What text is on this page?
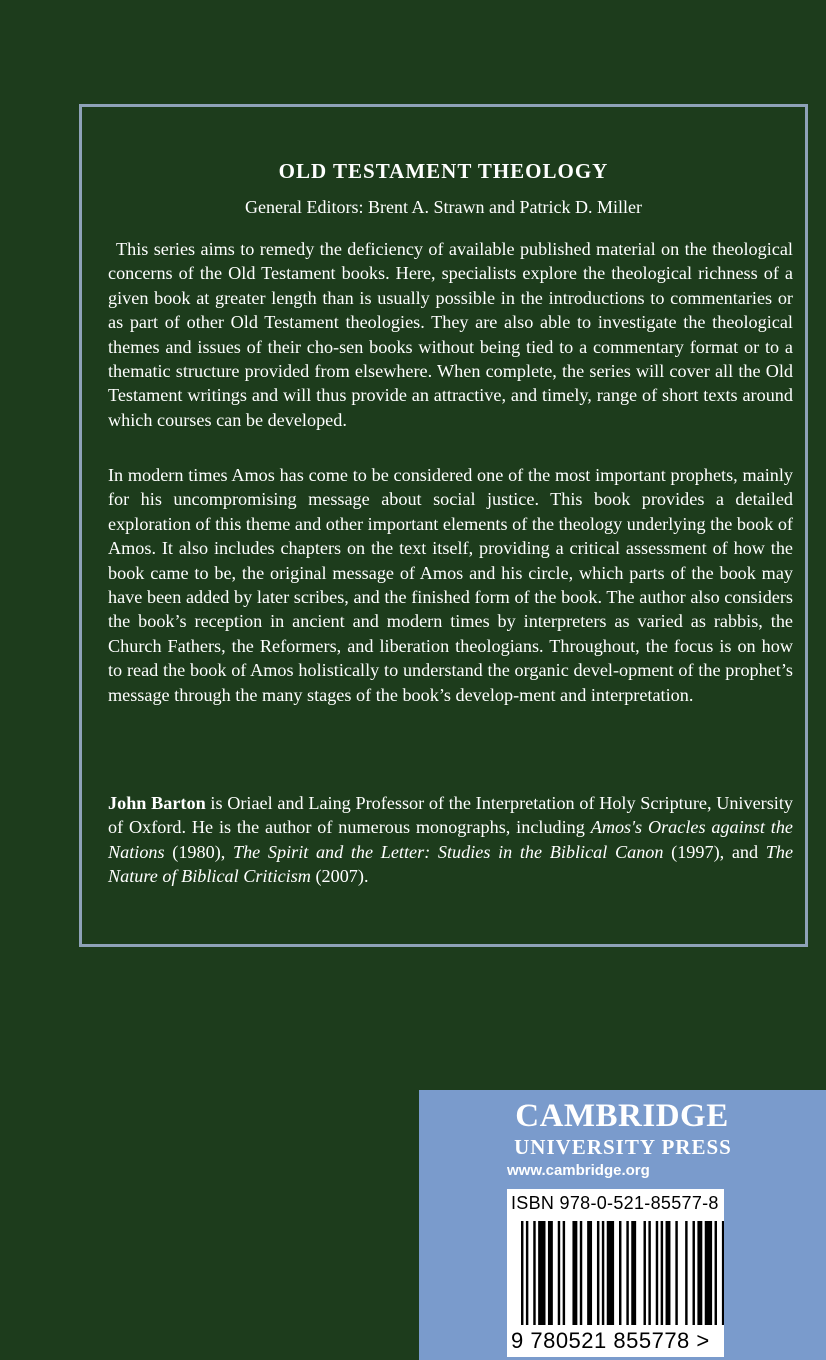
OLD TESTAMENT THEOLOGY
General Editors: Brent A. Strawn and Patrick D. Miller

This series aims to remedy the deficiency of available published material on the theological concerns of the Old Testament books. Here, specialists explore the theological richness of a given book at greater length than is usually possible in the introductions to commentaries or as part of other Old Testament theologies. They are also able to investigate the theological themes and issues of their cho-sen books without being tied to a commentary format or to a thematic structure provided from elsewhere. When complete, the series will cover all the Old Testament writings and will thus provide an attractive, and timely, range of short texts around which courses can be developed.

In modern times Amos has come to be considered one of the most important prophets, mainly for his uncompromising message about social justice. This book provides a detailed exploration of this theme and other important elements of the theology underlying the book of Amos. It also includes chapters on the text itself, providing a critical assessment of how the book came to be, the original message of Amos and his circle, which parts of the book may have been added by later scribes, and the finished form of the book. The author also considers the book’s reception in ancient and modern times by interpreters as varied as rabbis, the Church Fathers, the Reformers, and liberation theologians. Throughout, the focus is on how to read the book of Amos holistically to understand the organic devel-opment of the prophet’s message through the many stages of the book’s develop-ment and interpretation.

John Barton is Oriael and Laing Professor of the Interpretation of Holy Scripture, University of Oxford. He is the author of numerous monographs, including Amos's Oracles against the Nations (1980), The Spirit and the Letter: Studies in the Biblical Canon (1997), and The Nature of Biblical Criticism (2007).

CAMBRIDGE
UNIVERSITY PRESS
www.cambridge.org
ISBN 978-0-521-85577-8
9 780521 855778 >
